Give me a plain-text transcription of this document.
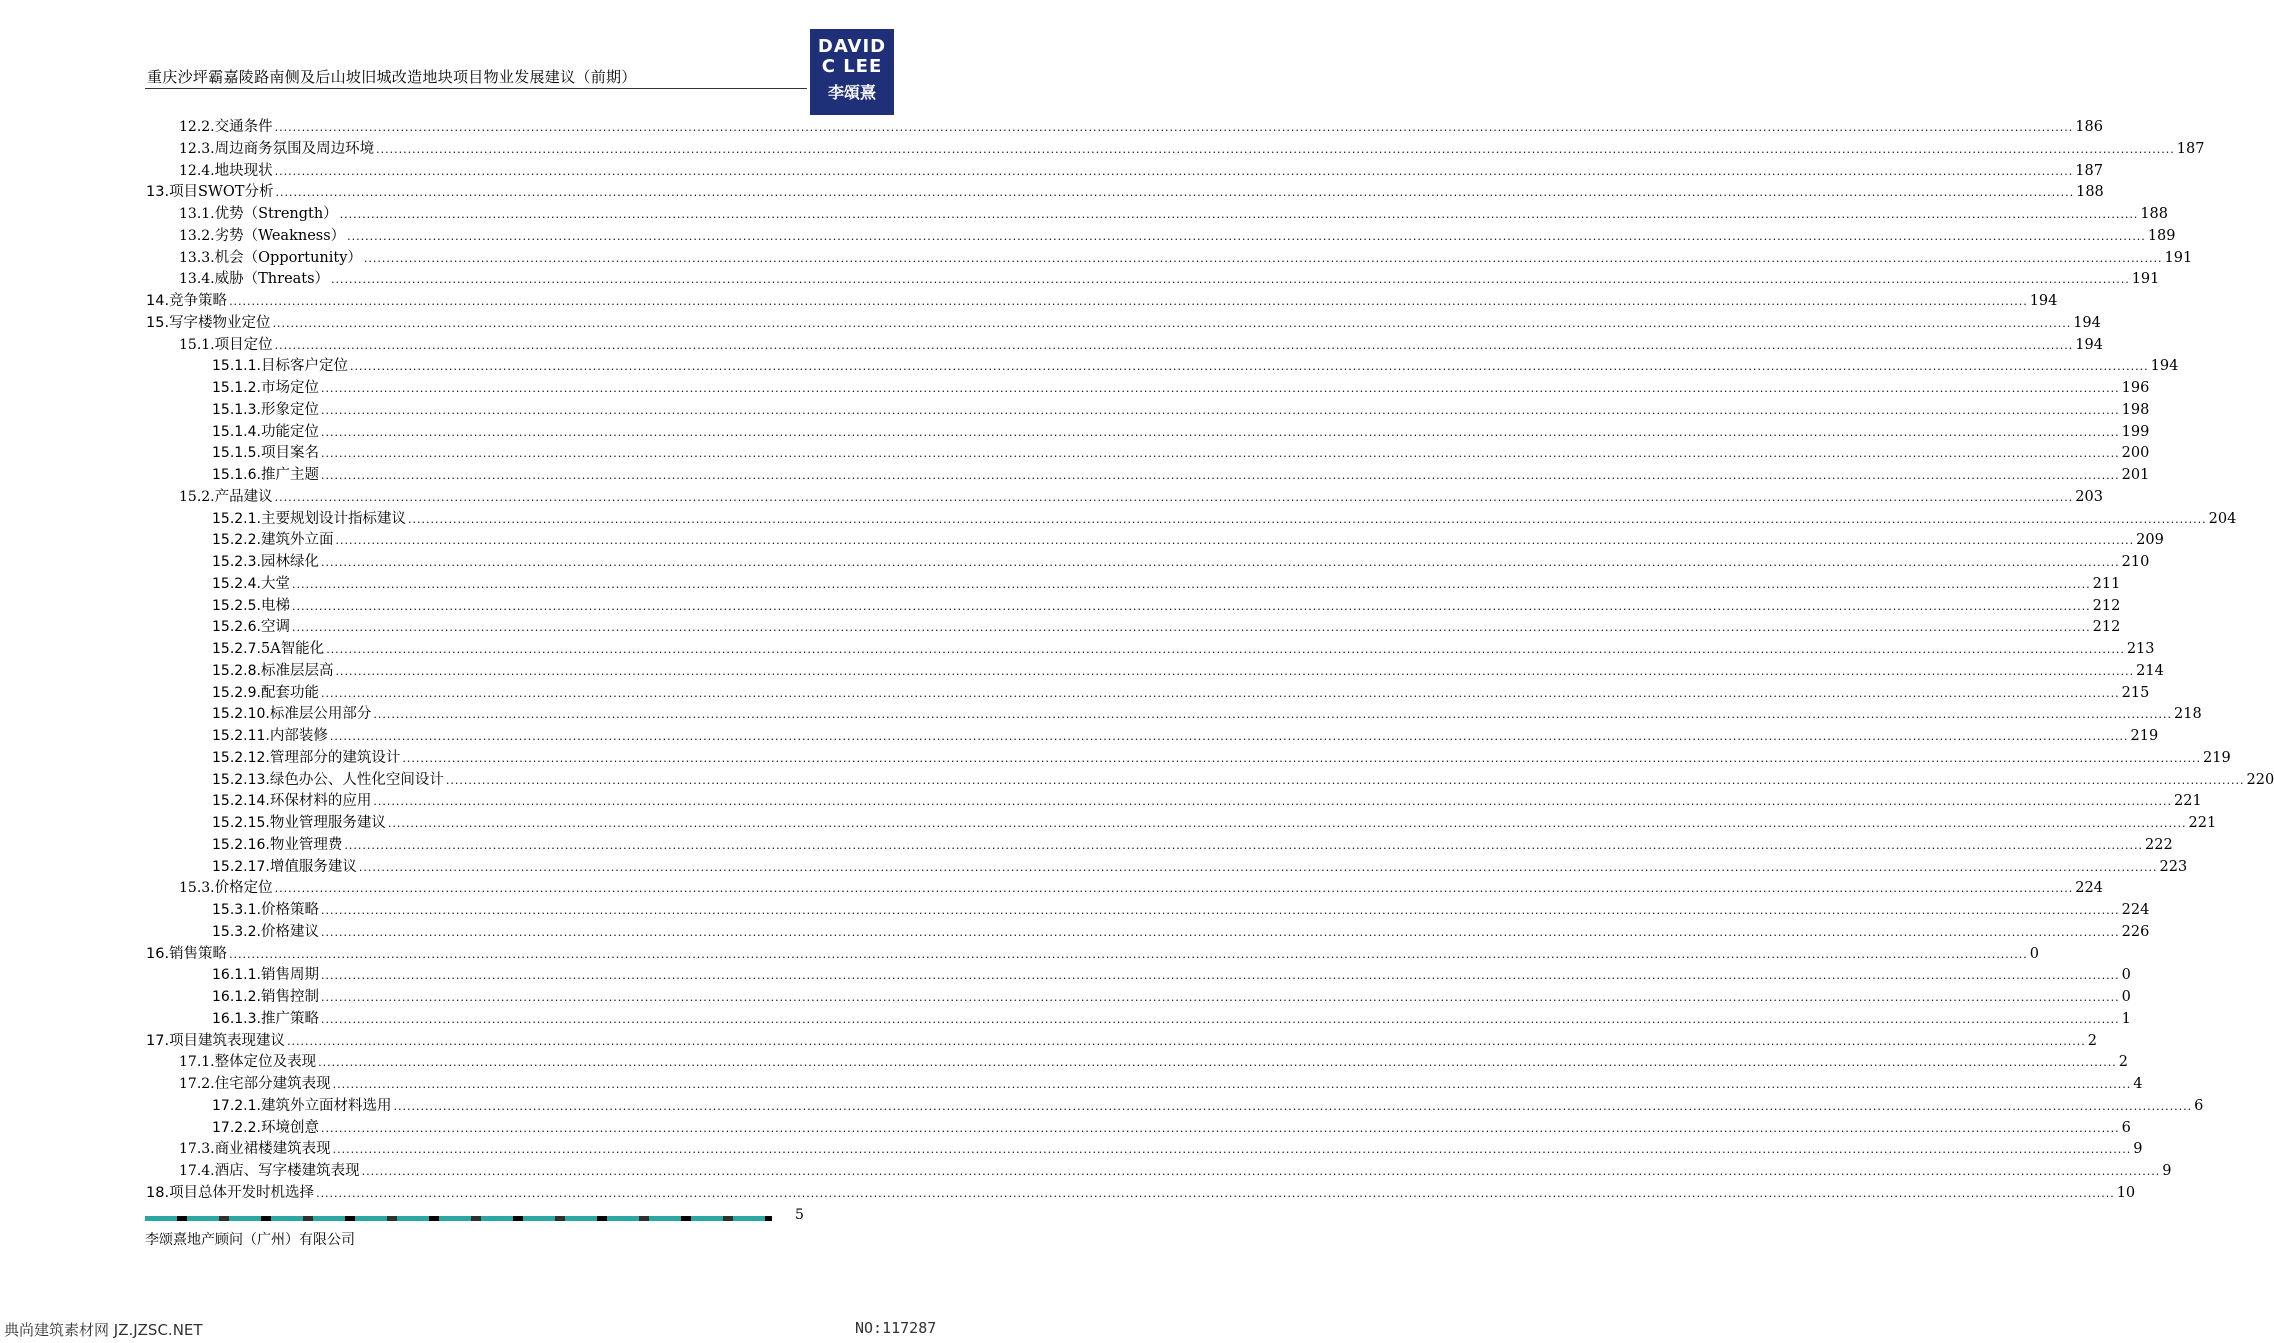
重庆沙坪霸嘉陵路南侧及后山坡旧城改造地块项目物业发展建议（前期）
DAVID
C LEE
李頌熹
12.2. 交通条件 ................................................................................................................................................................................................................................................................................................................................................................................................................ 186
12.3. 周边商务氛围及周边环境 ................................................................................................................................................................................................................................................................................................................................................................................................................ 187
12.4. 地块现状 ................................................................................................................................................................................................................................................................................................................................................................................................................ 187
13. 项目SWOT分析 ................................................................................................................................................................................................................................................................................................................................................................................................................ 188
13.1. 优势（Strength） ................................................................................................................................................................................................................................................................................................................................................................................................................ 188
13.2. 劣势（Weakness） ................................................................................................................................................................................................................................................................................................................................................................................................................ 189
13.3. 机会（Opportunity） ................................................................................................................................................................................................................................................................................................................................................................................................................ 191
13.4. 威胁（Threats） ................................................................................................................................................................................................................................................................................................................................................................................................................ 191
14. 竞争策略 ................................................................................................................................................................................................................................................................................................................................................................................................................ 194
15. 写字楼物业定位 ................................................................................................................................................................................................................................................................................................................................................................................................................ 194
15.1. 项目定位 ................................................................................................................................................................................................................................................................................................................................................................................................................ 194
15.1.1. 目标客户定位 ................................................................................................................................................................................................................................................................................................................................................................................................................ 194
15.1.2. 市场定位 ................................................................................................................................................................................................................................................................................................................................................................................................................ 196
15.1.3. 形象定位 ................................................................................................................................................................................................................................................................................................................................................................................................................ 198
15.1.4. 功能定位 ................................................................................................................................................................................................................................................................................................................................................................................................................ 199
15.1.5. 项目案名 ................................................................................................................................................................................................................................................................................................................................................................................................................ 200
15.1.6. 推广主题 ................................................................................................................................................................................................................................................................................................................................................................................................................ 201
15.2. 产品建议 ................................................................................................................................................................................................................................................................................................................................................................................................................ 203
15.2.1. 主要规划设计指标建议 ................................................................................................................................................................................................................................................................................................................................................................................................................ 204
15.2.2. 建筑外立面 ................................................................................................................................................................................................................................................................................................................................................................................................................ 209
15.2.3. 园林绿化 ................................................................................................................................................................................................................................................................................................................................................................................................................ 210
15.2.4. 大堂 ................................................................................................................................................................................................................................................................................................................................................................................................................ 211
15.2.5. 电梯 ................................................................................................................................................................................................................................................................................................................................................................................................................ 212
15.2.6. 空调 ................................................................................................................................................................................................................................................................................................................................................................................................................ 212
15.2.7. 5A智能化 ................................................................................................................................................................................................................................................................................................................................................................................................................ 213
15.2.8. 标准层层高 ................................................................................................................................................................................................................................................................................................................................................................................................................ 214
15.2.9. 配套功能 ................................................................................................................................................................................................................................................................................................................................................................................................................ 215
15.2.10. 标准层公用部分 ................................................................................................................................................................................................................................................................................................................................................................................................................ 218
15.2.11. 内部装修 ................................................................................................................................................................................................................................................................................................................................................................................................................ 219
15.2.12. 管理部分的建筑设计 ................................................................................................................................................................................................................................................................................................................................................................................................................ 219
15.2.13. 绿色办公、人性化空间设计 ................................................................................................................................................................................................................................................................................................................................................................................................................ 220
15.2.14. 环保材料的应用 ................................................................................................................................................................................................................................................................................................................................................................................................................ 221
15.2.15. 物业管理服务建议 ................................................................................................................................................................................................................................................................................................................................................................................................................ 221
15.2.16. 物业管理费 ................................................................................................................................................................................................................................................................................................................................................................................................................ 222
15.2.17. 增值服务建议 ................................................................................................................................................................................................................................................................................................................................................................................................................ 223
15.3. 价格定位 ................................................................................................................................................................................................................................................................................................................................................................................................................ 224
15.3.1. 价格策略 ................................................................................................................................................................................................................................................................................................................................................................................................................ 224
15.3.2. 价格建议 ................................................................................................................................................................................................................................................................................................................................................................................................................ 226
16. 销售策略 ................................................................................................................................................................................................................................................................................................................................................................................................................ 0
16.1.1. 销售周期 ................................................................................................................................................................................................................................................................................................................................................................................................................ 0
16.1.2. 销售控制 ................................................................................................................................................................................................................................................................................................................................................................................................................ 0
16.1.3. 推广策略 ................................................................................................................................................................................................................................................................................................................................................................................................................ 1
17. 项目建筑表现建议 ................................................................................................................................................................................................................................................................................................................................................................................................................ 2
17.1. 整体定位及表现 ................................................................................................................................................................................................................................................................................................................................................................................................................ 2
17.2. 住宅部分建筑表现 ................................................................................................................................................................................................................................................................................................................................................................................................................ 4
17.2.1. 建筑外立面材料选用 ................................................................................................................................................................................................................................................................................................................................................................................................................ 6
17.2.2. 环境创意 ................................................................................................................................................................................................................................................................................................................................................................................................................ 6
17.3. 商业裙楼建筑表现 ................................................................................................................................................................................................................................................................................................................................................................................................................ 9
17.4. 酒店、写字楼建筑表现 ................................................................................................................................................................................................................................................................................................................................................................................................................ 9
18. 项目总体开发时机选择 ................................................................................................................................................................................................................................................................................................................................................................................................................ 10
5
李颂熹地产顾问（广州）有限公司
典尚建筑素材网 JZ.JZSC.NET	NO:117287
